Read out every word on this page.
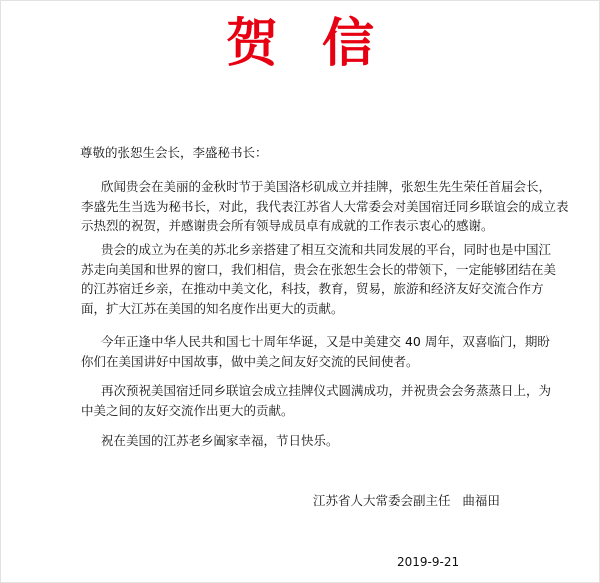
贺信
尊敬的张恕生会长，李盛秘书长：

欣闻贵会在美丽的金秋时节于美国洛杉矶成立并挂牌，张恕生先生荣任首届会长，
李盛先生当选为秘书长，对此，我代表江苏省人大常委会对美国宿迁同乡联谊会的成立表
示热烈的祝贺，并感谢贵会所有领导成员卓有成就的工作表示衷心的感谢。

贵会的成立为在美的苏北乡亲搭建了相互交流和共同发展的平台，同时也是中国江
苏走向美国和世界的窗口，我们相信，贵会在张恕生会长的带领下，一定能够团结在美
的江苏宿迁乡亲，在推动中美文化，科技，教育，贸易，旅游和经济友好交流合作方
面，扩大江苏在美国的知名度作出更大的贡献。

今年正逢中华人民共和国七十周年华诞，又是中美建交 40 周年，双喜临门，期盼
你们在美国讲好中国故事，做中美之间友好交流的民间使者。

再次预祝美国宿迁同乡联谊会成立挂牌仪式圆满成功，并祝贵会会务蒸蒸日上，为
中美之间的友好交流作出更大的贡献。

祝在美国的江苏老乡阖家幸福，节日快乐。

江苏省人大常委会副主任   曲福田
2019-9-21
